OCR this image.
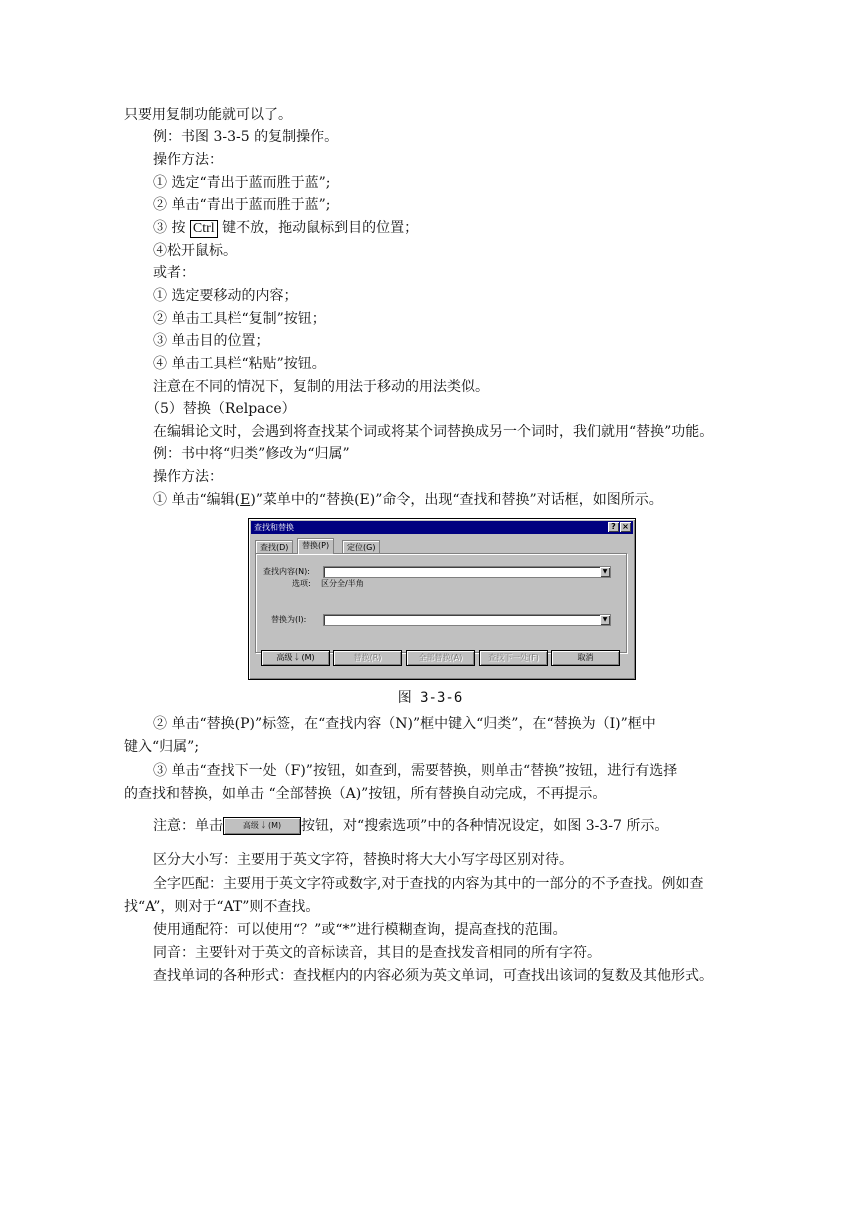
只要用复制功能就可以了。
例：书图 3-3-5 的复制操作。
操作方法：
① 选定“青出于蓝而胜于蓝”;
② 单击“青出于蓝而胜于蓝”;
③ 按 Ctrl 键不放，拖动鼠标到目的位置；
④松开鼠标。
或者：
① 选定要移动的内容；
② 单击工具栏“复制”按钮；
③ 单击目的位置；
④ 单击工具栏“粘贴”按钮。
注意在不同的情况下，复制的用法于移动的用法类似。
（5）替换（Relpace）
在编辑论文时，会遇到将查找某个词或将某个词替换成另一个词时，我们就用“替换”功能。
例：书中将“归类”修改为“归属”
操作方法：
① 单击“编辑(E)”菜单中的“替换(E)”命令，出现“查找和替换”对话框，如图所示。
查找和替换	? ×
查找(D)	替换(P)	定位(G)
查找内容(N):	▼
选项: 区分全/半角
替换为(I):	▼
高级 ￬ (M)	替换(R)	全部替换(A)	查找下一处(F)	取消
图 3-3-6
② 单击“替换(P)”标签，在“查找内容（N)”框中键入“归类”，在“替换为（I)”框中
键入“归属”;
③ 单击“查找下一处（F)”按钮，如查到，需要替换，则单击“替换”按钮，进行有选择
的查找和替换，如单击 “全部替换（A)”按钮，所有替换自动完成，不再提示。
注意：单击 高级 ￬ (M) 按钮，对“搜索选项”中的各种情况设定，如图 3-3-7 所示。
区分大小写：主要用于英文字符，替换时将大大小写字母区别对待。
全字匹配：主要用于英文字符或数字,对于查找的内容为其中的一部分的不予查找。例如查
找“A”，则对于“AT”则不查找。
使用通配符：可以使用“？”或“*”进行模糊查询，提高查找的范围。
同音：主要针对于英文的音标读音，其目的是查找发音相同的所有字符。
查找单词的各种形式：查找框内的内容必须为英文单词，可查找出该词的复数及其他形式。
